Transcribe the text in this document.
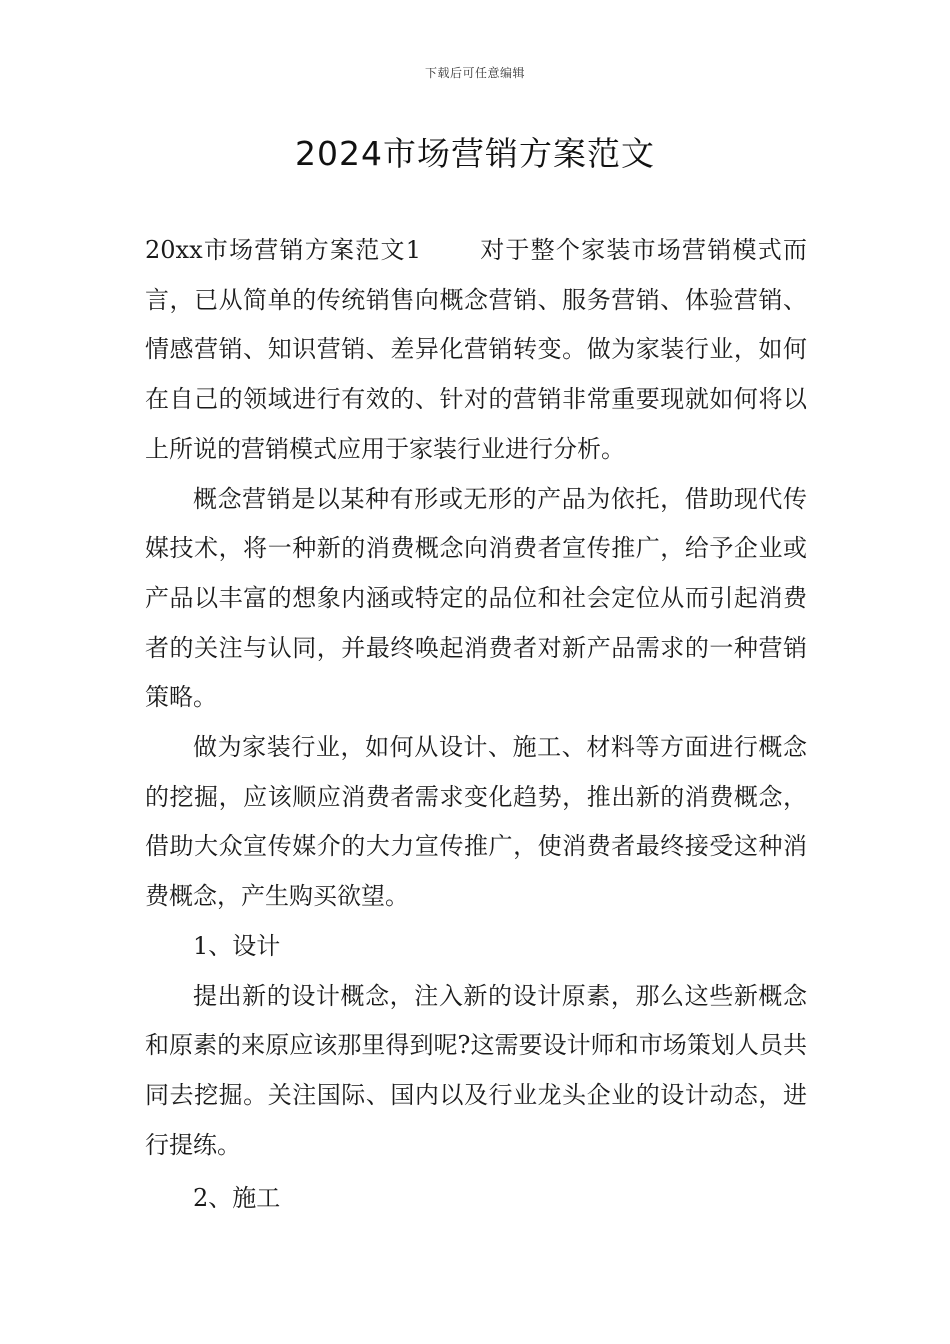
下载后可任意编辑
2024市场营销方案范文

20xx市场营销方案范文1 对于整个家装市场营销模式而言，已从简单的传统销售向概念营销、服务营销、体验营销、情感营销、知识营销、差异化营销转变。做为家装行业，如何在自己的领域进行有效的、针对的营销非常重要现就如何将以上所说的营销模式应用于家装行业进行分析。

概念营销是以某种有形或无形的产品为依托，借助现代传媒技术，将一种新的消费概念向消费者宣传推广，给予企业或产品以丰富的想象内涵或特定的品位和社会定位从而引起消费者的关注与认同，并最终唤起消费者对新产品需求的一种营销策略。

做为家装行业，如何从设计、施工、材料等方面进行概念的挖掘，应该顺应消费者需求变化趋势，推出新的消费概念，借助大众宣传媒介的大力宣传推广，使消费者最终接受这种消费概念，产生购买欲望。

1、设计

提出新的设计概念，注入新的设计原素，那么这些新概念和原素的来原应该那里得到呢?这需要设计师和市场策划人员共同去挖掘。关注国际、国内以及行业龙头企业的设计动态，进行提练。

2、施工
